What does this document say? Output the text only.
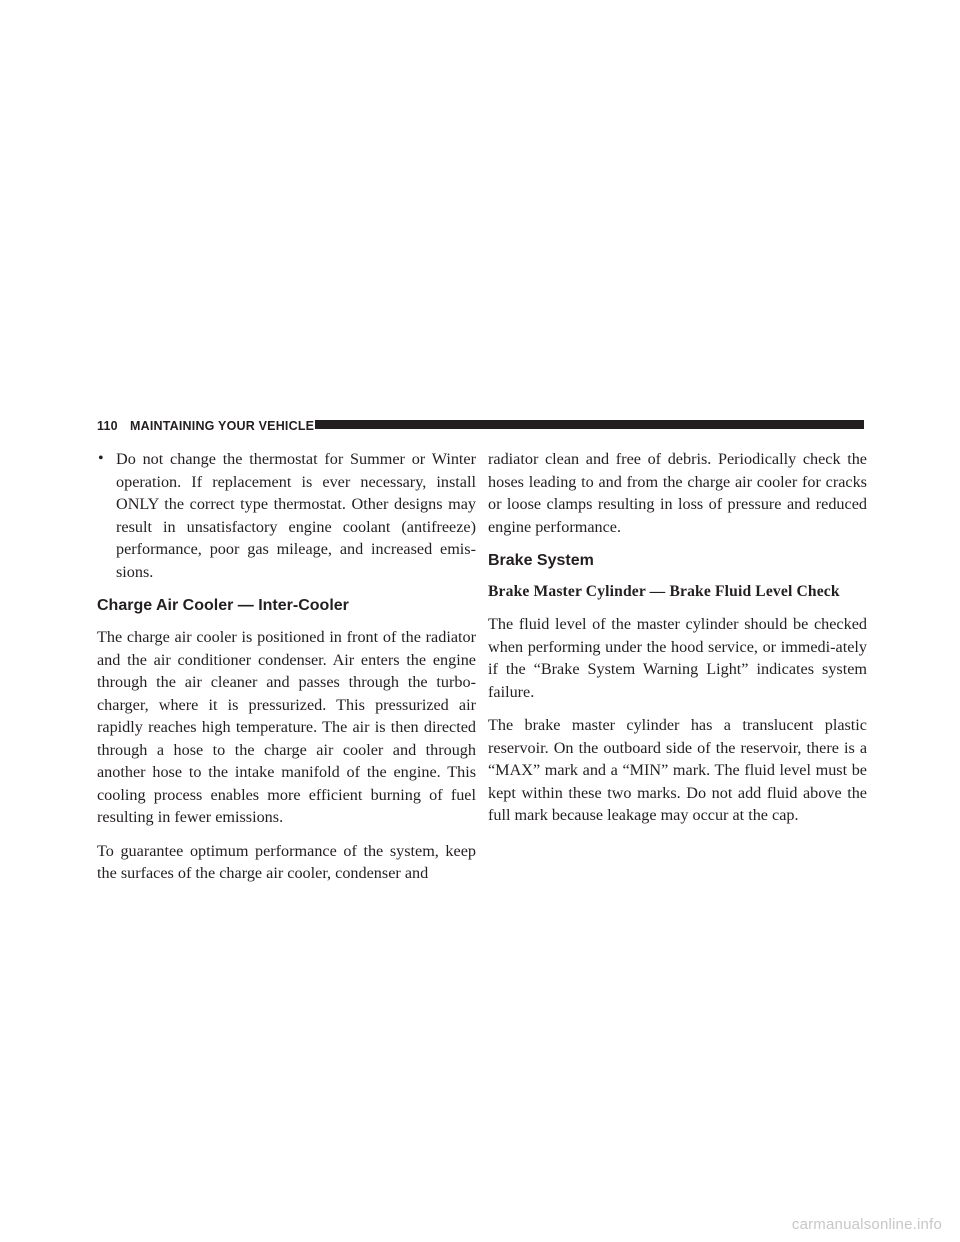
110 MAINTAINING YOUR VEHICLE
• Do not change the thermostat for Summer or Winter operation. If replacement is ever necessary, install ONLY the correct type thermostat. Other designs may result in unsatisfactory engine coolant (antifreeze) performance, poor gas mileage, and increased emis-sions.
Charge Air Cooler — Inter-Cooler

The charge air cooler is positioned in front of the radiator and the air conditioner condenser. Air enters the engine through the air cleaner and passes through the turbo-charger, where it is pressurized. This pressurized air rapidly reaches high temperature. The air is then directed through a hose to the charge air cooler and through another hose to the intake manifold of the engine. This cooling process enables more efficient burning of fuel resulting in fewer emissions.

To guarantee optimum performance of the system, keep the surfaces of the charge air cooler, condenser and

radiator clean and free of debris. Periodically check the hoses leading to and from the charge air cooler for cracks or loose clamps resulting in loss of pressure and reduced engine performance.

Brake System
Brake Master Cylinder — Brake Fluid Level Check

The fluid level of the master cylinder should be checked when performing under the hood service, or immedi-ately if the “Brake System Warning Light” indicates system failure.

The brake master cylinder has a translucent plastic reservoir. On the outboard side of the reservoir, there is a “MAX” mark and a “MIN” mark. The fluid level must be kept within these two marks. Do not add fluid above the full mark because leakage may occur at the cap.

carmanualsonline.info
